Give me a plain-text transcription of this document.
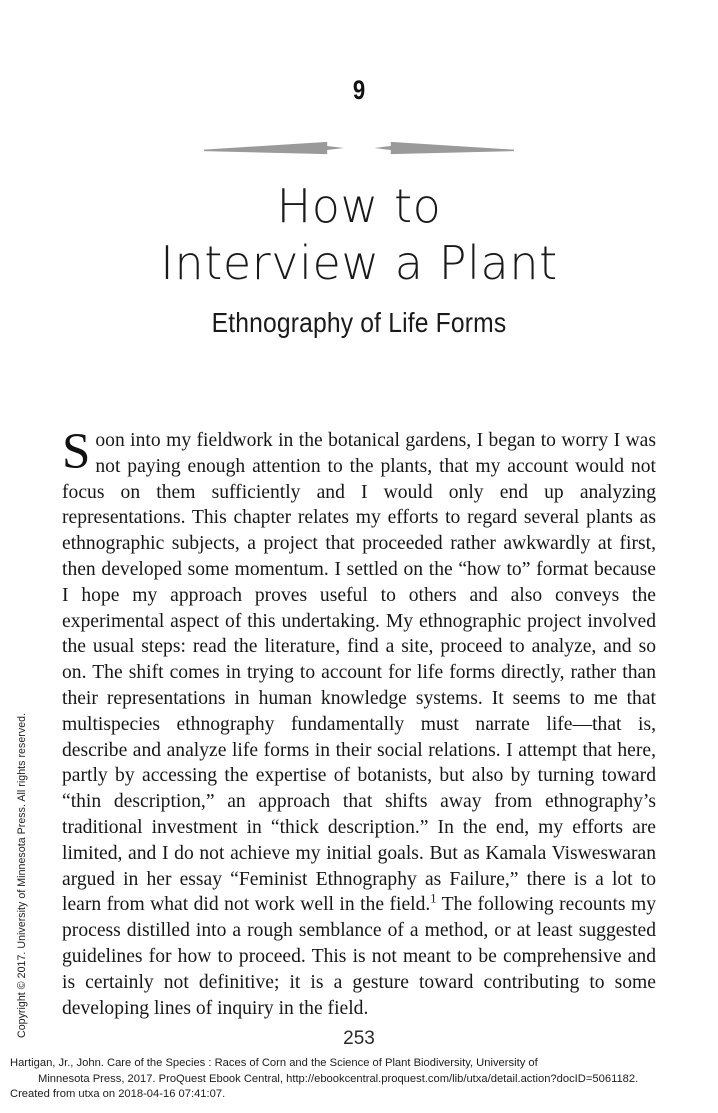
Copyright © 2017. University of Minnesota Press. All rights reserved.
9
How to
Interview a Plant
Ethnography of Life Forms

Soon into my fieldwork in the botanical gardens, I began to worry I was not paying enough attention to the plants, that my account would not focus on them sufficiently and I would only end up analyzing representations. This chapter relates my efforts to regard several plants as ethnographic subjects, a project that proceeded rather awkwardly at first, then developed some momentum. I settled on the “how to” format because I hope my approach proves useful to others and also conveys the experimental aspect of this undertaking. My ethnographic project involved the usual steps: read the literature, find a site, proceed to analyze, and so on. The shift comes in trying to account for life forms directly, rather than their representations in human knowledge systems. It seems to me that multispecies ethnography fundamentally must narrate life—that is, describe and analyze life forms in their social relations. I attempt that here, partly by accessing the expertise of botanists, but also by turning toward “thin description,” an approach that shifts away from ethnography’s traditional investment in “thick description.” In the end, my efforts are limited, and I do not achieve my initial goals. But as Kamala Visweswaran argued in her essay “Feminist Ethnography as Failure,” there is a lot to learn from what did not work well in the field.$^1$ The following recounts my process distilled into a rough semblance of a method, or at least suggested guidelines for how to proceed. This is not meant to be comprehensive and is certainly not definitive; it is a gesture toward contributing to some developing lines of inquiry in the field.

253
Hartigan, Jr., John. Care of the Species : Races of Corn and the Science of Plant Biodiversity, University of
Minnesota Press, 2017. ProQuest Ebook Central, http://ebookcentral.proquest.com/lib/utxa/detail.action?docID=5061182.
Created from utxa on 2018-04-16 07:41:07.
